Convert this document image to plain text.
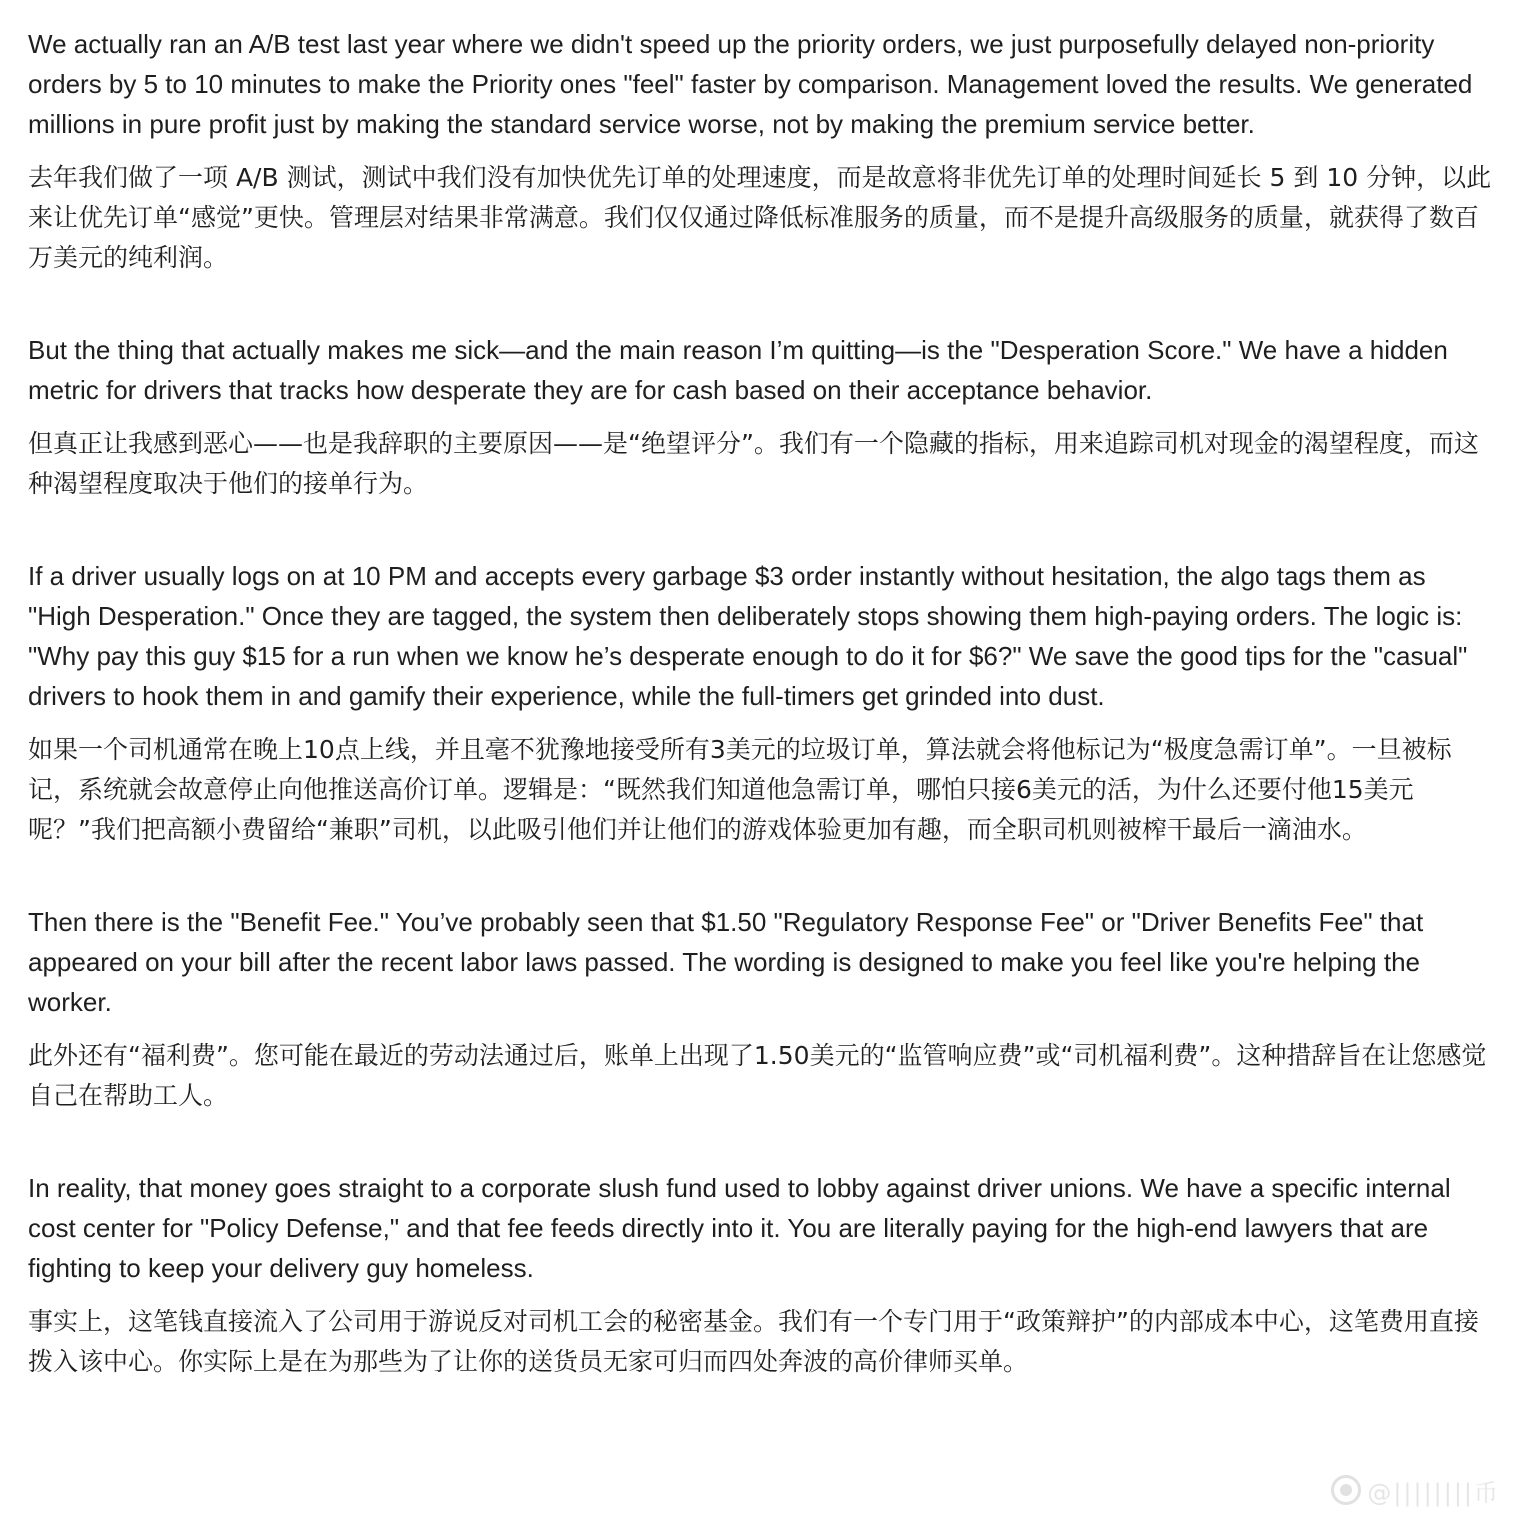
We actually ran an A/B test last year where we didn't speed up the priority orders, we just purposefully delayed non-priority orders by 5 to 10 minutes to make the Priority ones "feel" faster by comparison. Management loved the results. We generated millions in pure profit just by making the standard service worse, not by making the premium service better.

去年我们做了一项 A/B 测试，测试中我们没有加快优先订单的处理速度，而是故意将非优先订单的处理时间延长 5 到 10 分钟，以此来让优先订单“感觉”更快。管理层对结果非常满意。我们仅仅通过降低标准服务的质量，而不是提升高级服务的质量，就获得了数百万美元的纯利润。

But the thing that actually makes me sick—and the main reason I’m quitting—is the "Desperation Score." We have a hidden metric for drivers that tracks how desperate they are for cash based on their acceptance behavior.

但真正让我感到恶心——也是我辞职的主要原因——是“绝望评分”。我们有一个隐藏的指标，用来追踪司机对现金的渴望程度，而这种渴望程度取决于他们的接单行为。

If a driver usually logs on at 10 PM and accepts every garbage $3 order instantly without hesitation, the algo tags them as "High Desperation." Once they are tagged, the system then deliberately stops showing them high-paying orders. The logic is: "Why pay this guy $15 for a run when we know he’s desperate enough to do it for $6?" We save the good tips for the "casual" drivers to hook them in and gamify their experience, while the full-timers get grinded into dust.

如果一个司机通常在晚上10点上线，并且毫不犹豫地接受所有3美元的垃圾订单，算法就会将他标记为“极度急需订单”。一旦被标记，系统就会故意停止向他推送高价订单。逻辑是：“既然我们知道他急需订单，哪怕只接6美元的活，为什么还要付他15美元呢？”我们把高额小费留给“兼职”司机，以此吸引他们并让他们的游戏体验更加有趣，而全职司机则被榨干最后一滴油水。

Then there is the "Benefit Fee." You’ve probably seen that $1.50 "Regulatory Response Fee" or "Driver Benefits Fee" that appeared on your bill after the recent labor laws passed. The wording is designed to make you feel like you're helping the worker.

此外还有“福利费”。您可能在最近的劳动法通过后，账单上出现了1.50美元的“监管响应费”或“司机福利费”。这种措辞旨在让您感觉自己在帮助工人。

In reality, that money goes straight to a corporate slush fund used to lobby against driver unions. We have a specific internal cost center for "Policy Defense," and that fee feeds directly into it. You are literally paying for the high-end lawyers that are fighting to keep your delivery guy homeless.

事实上，这笔钱直接流入了公司用于游说反对司机工会的秘密基金。我们有一个专门用于“政策辩护”的内部成本中心，这笔费用直接拨入该中心。你实际上是在为那些为了让你的送货员无家可归而四处奔波的高价律师买单。

@||||||||币
